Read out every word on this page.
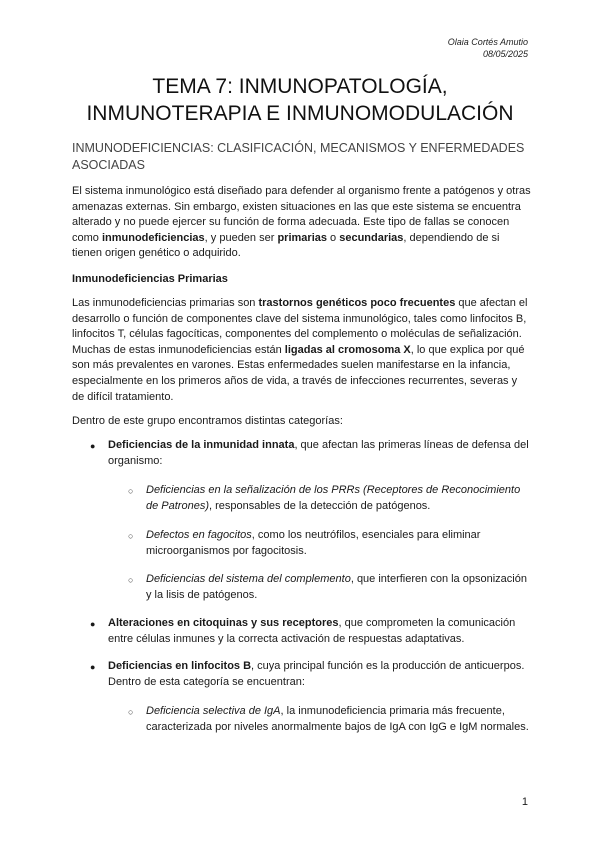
Olaia Cortés Amutio
08/05/2025
TEMA 7: INMUNOPATOLOGÍA,
INMUNOTERAPIA E INMUNOMODULACIÓN
INMUNODEFICIENCIAS: CLASIFICACIÓN, MECANISMOS Y ENFERMEDADES ASOCIADAS

El sistema inmunológico está diseñado para defender al organismo frente a patógenos y otras amenazas externas. Sin embargo, existen situaciones en las que este sistema se encuentra alterado y no puede ejercer su función de forma adecuada. Este tipo de fallas se conocen como inmunodeficiencias, y pueden ser primarias o secundarias, dependiendo de si tienen origen genético o adquirido.

Inmunodeficiencias Primarias

Las inmunodeficiencias primarias son trastornos genéticos poco frecuentes que afectan el desarrollo o función de componentes clave del sistema inmunológico, tales como linfocitos B, linfocitos T, células fagocíticas, componentes del complemento o moléculas de señalización. Muchas de estas inmunodeficiencias están ligadas al cromosoma X, lo que explica por qué son más prevalentes en varones. Estas enfermedades suelen manifestarse en la infancia, especialmente en los primeros años de vida, a través de infecciones recurrentes, severas y de difícil tratamiento.

Dentro de este grupo encontramos distintas categorías:

● Deficiencias de la inmunidad innata, que afectan las primeras líneas de defensa del organismo:
○ Deficiencias en la señalización de los PRRs (Receptores de Reconocimiento de Patrones), responsables de la detección de patógenos.
○ Defectos en fagocitos, como los neutrófilos, esenciales para eliminar microorganismos por fagocitosis.
○ Deficiencias del sistema del complemento, que interfieren con la opsonización y la lisis de patógenos.
● Alteraciones en citoquinas y sus receptores, que comprometen la comunicación entre células inmunes y la correcta activación de respuestas adaptativas.
● Deficiencias en linfocitos B, cuya principal función es la producción de anticuerpos. Dentro de esta categoría se encuentran:
○ Deficiencia selectiva de IgA, la inmunodeficiencia primaria más frecuente, caracterizada por niveles anormalmente bajos de IgA con IgG e IgM normales.
1
